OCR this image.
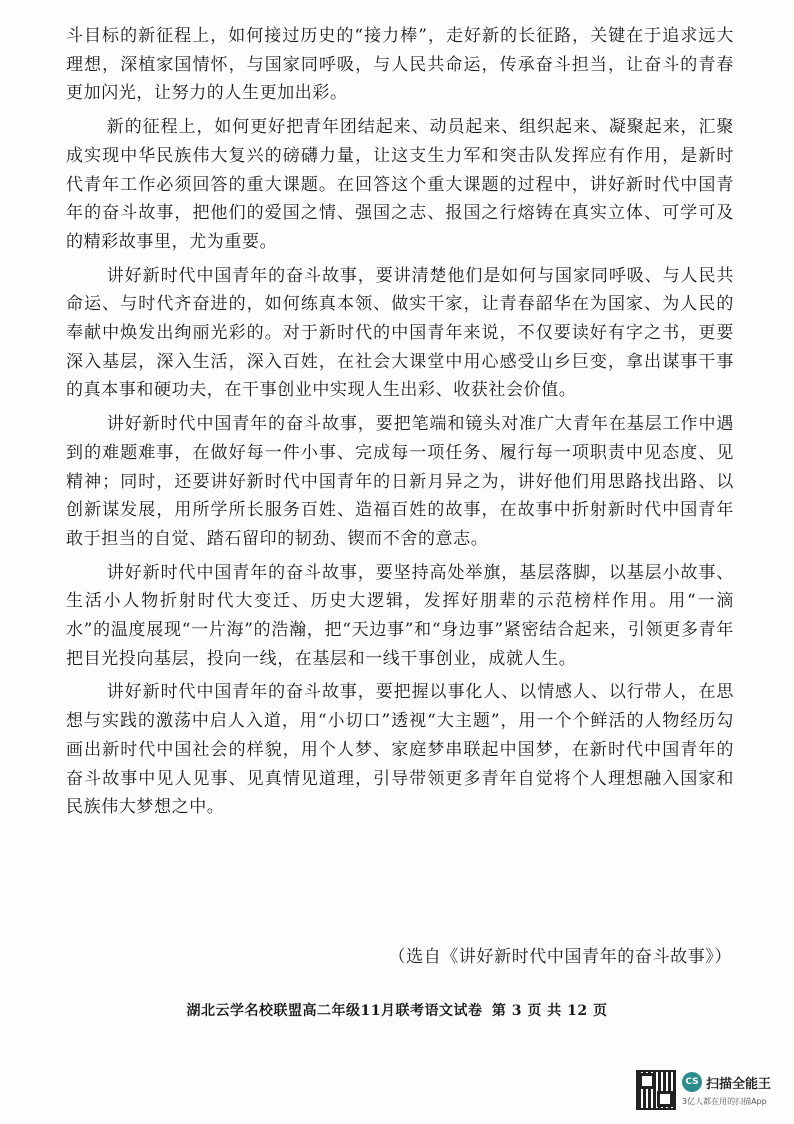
斗目标的新征程上，如何接过历史的“接力棒”，走好新的长征路，关键在于追求远大理想，深植家国情怀，与国家同呼吸，与人民共命运，传承奋斗担当，让奋斗的青春更加闪光，让努力的人生更加出彩。

新的征程上，如何更好把青年团结起来、动员起来、组织起来、凝聚起来，汇聚成实现中华民族伟大复兴的磅礴力量，让这支生力军和突击队发挥应有作用，是新时代青年工作必须回答的重大课题。在回答这个重大课题的过程中，讲好新时代中国青年的奋斗故事，把他们的爱国之情、强国之志、报国之行熔铸在真实立体、可学可及的精彩故事里，尤为重要。

讲好新时代中国青年的奋斗故事，要讲清楚他们是如何与国家同呼吸、与人民共命运、与时代齐奋进的，如何练真本领、做实干家，让青春韶华在为国家、为人民的奉献中焕发出绚丽光彩的。对于新时代的中国青年来说，不仅要读好有字之书，更要深入基层，深入生活，深入百姓，在社会大课堂中用心感受山乡巨变，拿出谋事干事的真本事和硬功夫，在干事创业中实现人生出彩、收获社会价值。

讲好新时代中国青年的奋斗故事，要把笔端和镜头对准广大青年在基层工作中遇到的难题难事，在做好每一件小事、完成每一项任务、履行每一项职责中见态度、见精神；同时，还要讲好新时代中国青年的日新月异之为，讲好他们用思路找出路、以创新谋发展，用所学所长服务百姓、造福百姓的故事，在故事中折射新时代中国青年敢于担当的自觉、踏石留印的韧劲、锲而不舍的意志。

讲好新时代中国青年的奋斗故事，要坚持高处举旗，基层落脚，以基层小故事、生活小人物折射时代大变迁、历史大逻辑，发挥好朋辈的示范榜样作用。用“一滴水”的温度展现“一片海”的浩瀚，把“天边事”和“身边事”紧密结合起来，引领更多青年把目光投向基层，投向一线，在基层和一线干事创业，成就人生。

讲好新时代中国青年的奋斗故事，要把握以事化人、以情感人、以行带人，在思想与实践的激荡中启人入道，用“小切口”透视“大主题”，用一个个鲜活的人物经历勾画出新时代中国社会的样貌，用个人梦、家庭梦串联起中国梦，在新时代中国青年的奋斗故事中见人见事、见真情见道理，引导带领更多青年自觉将个人理想融入国家和民族伟大梦想之中。

（选自《讲好新时代中国青年的奋斗故事》）
湖北云学名校联盟高二年级11月联考语文试卷 第 3 页 共 12 页
CS 扫描全能王
3亿人都在用的扫描App
